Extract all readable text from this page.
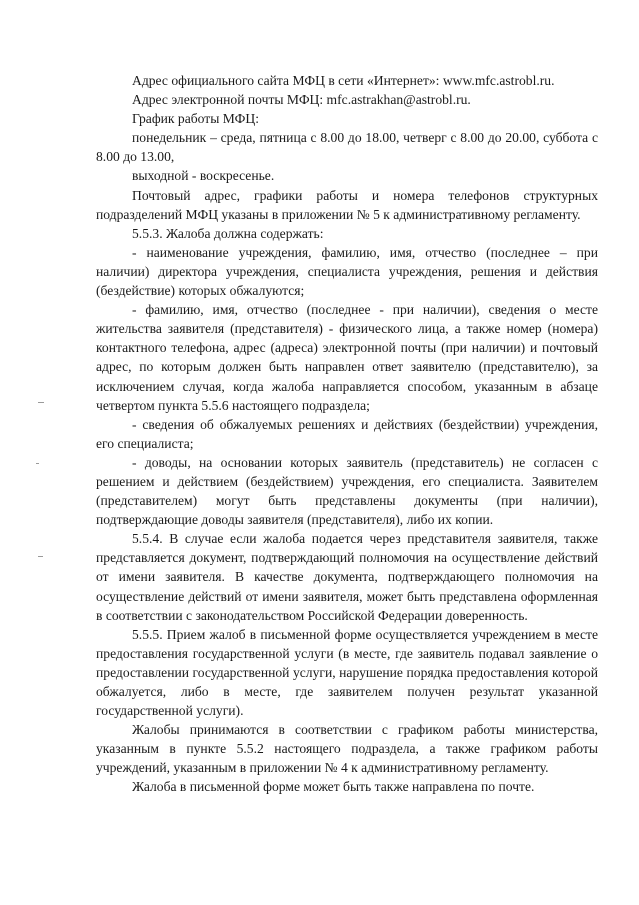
Адрес официального сайта МФЦ в сети «Интернет»: www.mfc.astrobl.ru.

Адрес электронной почты МФЦ: mfc.astrakhan@astrobl.ru.

График работы МФЦ:

понедельник – среда, пятница с 8.00 до 18.00, четверг с 8.00 до 20.00, суббота с 8.00 до 13.00,

выходной - воскресенье.

Почтовый адрес, графики работы и номера телефонов структурных подразделений МФЦ указаны в приложении № 5 к административному регламенту.

5.5.3. Жалоба должна содержать:

- наименование учреждения, фамилию, имя, отчество (последнее – при наличии) директора учреждения, специалиста учреждения, решения и действия (бездействие) которых обжалуются;

- фамилию, имя, отчество (последнее - при наличии), сведения о месте жительства заявителя (представителя) - физического лица, а также номер (номера) контактного телефона, адрес (адреса) электронной почты (при наличии) и почтовый адрес, по которым должен быть направлен ответ заявителю (представителю), за исключением случая, когда жалоба направляется способом, указанным в абзаце четвертом пункта 5.5.6 настоящего подраздела;

- сведения об обжалуемых решениях и действиях (бездействии) учреждения, его специалиста;

- доводы, на основании которых заявитель (представитель) не согласен с решением и действием (бездействием) учреждения, его специалиста. Заявителем (представителем) могут быть представлены документы (при наличии), подтверждающие доводы заявителя (представителя), либо их копии.

5.5.4. В случае если жалоба подается через представителя заявителя, также представляется документ, подтверждающий полномочия на осуществление действий от имени заявителя. В качестве документа, подтверждающего полномочия на осуществление действий от имени заявителя, может быть представлена оформленная в соответствии с законодательством Российской Федерации доверенность.

5.5.5. Прием жалоб в письменной форме осуществляется учреждением в месте предоставления государственной услуги (в месте, где заявитель подавал заявление о предоставлении государственной услуги, нарушение порядка предоставления которой обжалуется, либо в месте, где заявителем получен результат указанной государственной услуги).

Жалобы принимаются в соответствии с графиком работы министерства, указанным в пункте 5.5.2 настоящего подраздела, а также графиком работы учреждений, указанным в приложении № 4 к административному регламенту.

Жалоба в письменной форме может быть также направлена по почте.
